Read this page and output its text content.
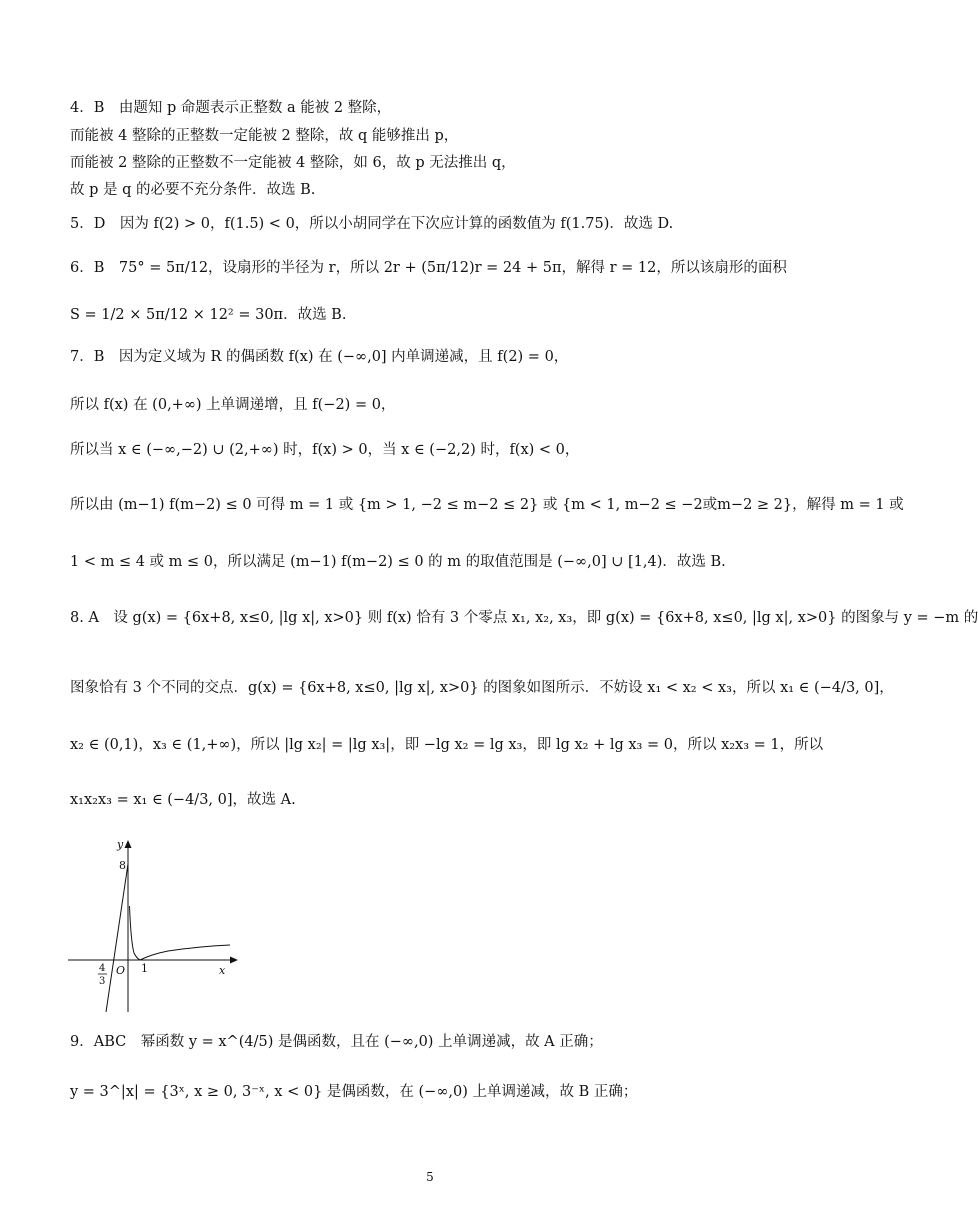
4．B　由题知 p 命题表示正整数 a 能被 2 整除，
而能被 4 整除的正整数一定能被 2 整除，故 q 能够推出 p，
而能被 2 整除的正整数不一定能被 4 整除，如 6，故 p 无法推出 q，
故 p 是 q 的必要不充分条件．故选 B.
5．D　因为 f(2) > 0，f(1.5) < 0，所以小胡同学在下次应计算的函数值为 f(1.75)．故选 D.
6．B　75° = 5π/12，设扇形的半径为 r，所以 2r + (5π/12)r = 24 + 5π，解得 r = 12，所以该扇形的面积
S = 1/2 × 5π/12 × 12² = 30π．故选 B.
7．B　因为定义域为 R 的偶函数 f(x) 在 (−∞,0] 内单调递减，且 f(2) = 0，
所以 f(x) 在 (0,+∞) 上单调递增，且 f(−2) = 0，
所以当 x ∈ (−∞,−2) ∪ (2,+∞) 时，f(x) > 0，当 x ∈ (−2,2) 时，f(x) < 0，
所以由 (m−1) f(m−2) ≤ 0 可得 m = 1 或 {m > 1, −2 ≤ m−2 ≤ 2} 或 {m < 1, m−2 ≤ −2或m−2 ≥ 2}，解得 m = 1 或
1 < m ≤ 4 或 m ≤ 0，所以满足 (m−1) f(m−2) ≤ 0 的 m 的取值范围是 (−∞,0] ∪ [1,4)．故选 B.
8. A　设 g(x) = {6x+8, x≤0, |lg x|, x>0} 则 f(x) 恰有 3 个零点 x₁, x₂, x₃，即 g(x) = {6x+8, x≤0, |lg x|, x>0} 的图象与 y = −m 的
图象恰有 3 个不同的交点．g(x) = {6x+8, x≤0, |lg x|, x>0} 的图象如图所示．不妨设 x₁ < x₂ < x₃，所以 x₁ ∈ (−4/3, 0]，
x₂ ∈ (0,1)，x₃ ∈ (1,+∞)，所以 |lg x₂| = |lg x₃|，即 −lg x₂ = lg x₃，即 lg x₂ + lg x₃ = 0，所以 x₂x₃ = 1，所以
x₁x₂x₃ = x₁ ∈ (−4/3, 0]，故选 A.
y
x
8
O 1
4
3
9．ABC　幂函数 y = x^(4/5) 是偶函数，且在 (−∞,0) 上单调递减，故 A 正确；
y = 3^|x| = {3ˣ, x ≥ 0, 3⁻ˣ, x < 0} 是偶函数，在 (−∞,0) 上单调递减，故 B 正确；
5
